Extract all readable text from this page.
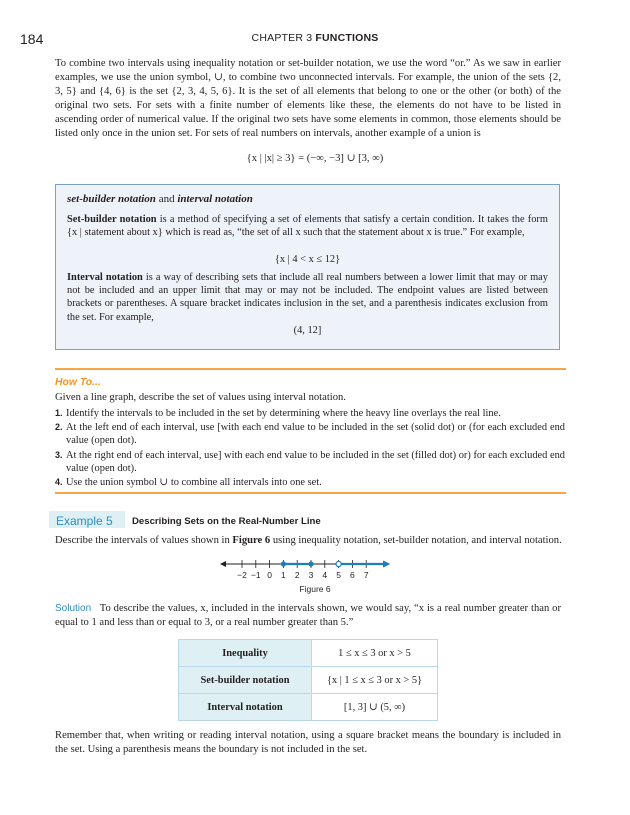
184	CHAPTER 3 FUNCTIONS
To combine two intervals using inequality notation or set-builder notation, we use the word “or.” As we saw in earlier examples, we use the union symbol, ∪, to combine two unconnected intervals. For example, the union of the sets {2, 3, 5} and {4, 6} is the set {2, 3, 4, 5, 6}. It is the set of all elements that belong to one or the other (or both) of the original two sets. For sets with a finite number of elements like these, the elements do not have to be listed in ascending order of numerical value. If the original two sets have some elements in common, those elements should be listed only once in the union set. For sets of real numbers on intervals, another example of a union is
{x | |x| ≥ 3} = (−∞, −3] ∪ [3, ∞)
set-builder notation and interval notation
Set-builder notation is a method of specifying a set of elements that satisfy a certain condition. It takes the form {x | statement about x} which is read as, “the set of all x such that the statement about x is true.” For example,
{x | 4 < x ≤ 12}
Interval notation is a way of describing sets that include all real numbers between a lower limit that may or may not be included and an upper limit that may or may not be included. The endpoint values are listed between brackets or parentheses. A square bracket indicates inclusion in the set, and a parenthesis indicates exclusion from the set. For example,
(4, 12]
How To...
Given a line graph, describe the set of values using interval notation.
1. Identify the intervals to be included in the set by determining where the heavy line overlays the real line.
2. At the left end of each interval, use [with each end value to be included in the set (solid dot) or (for each excluded end value (open dot).
3. At the right end of each interval, use] with each end value to be included in the set (filled dot) or) for each excluded end value (open dot).
4. Use the union symbol ∪ to combine all intervals into one set.
Example 5 Describing Sets on the Real-Number Line
Describe the intervals of values shown in Figure 6 using inequality notation, set-builder notation, and interval notation.
−2 −1 0 1 2 3 4 5 6 7
Figure 6
Solution To describe the values, x, included in the intervals shown, we would say, “x is a real number greater than or equal to 1 and less than or equal to 3, or a real number greater than 5.”
Inequality	1 ≤ x ≤ 3 or x > 5
Set-builder notation	{x | 1 ≤ x ≤ 3 or x > 5}
Interval notation	[1, 3] ∪ (5, ∞)
Remember that, when writing or reading interval notation, using a square bracket means the boundary is included in the set. Using a parenthesis means the boundary is not included in the set.
